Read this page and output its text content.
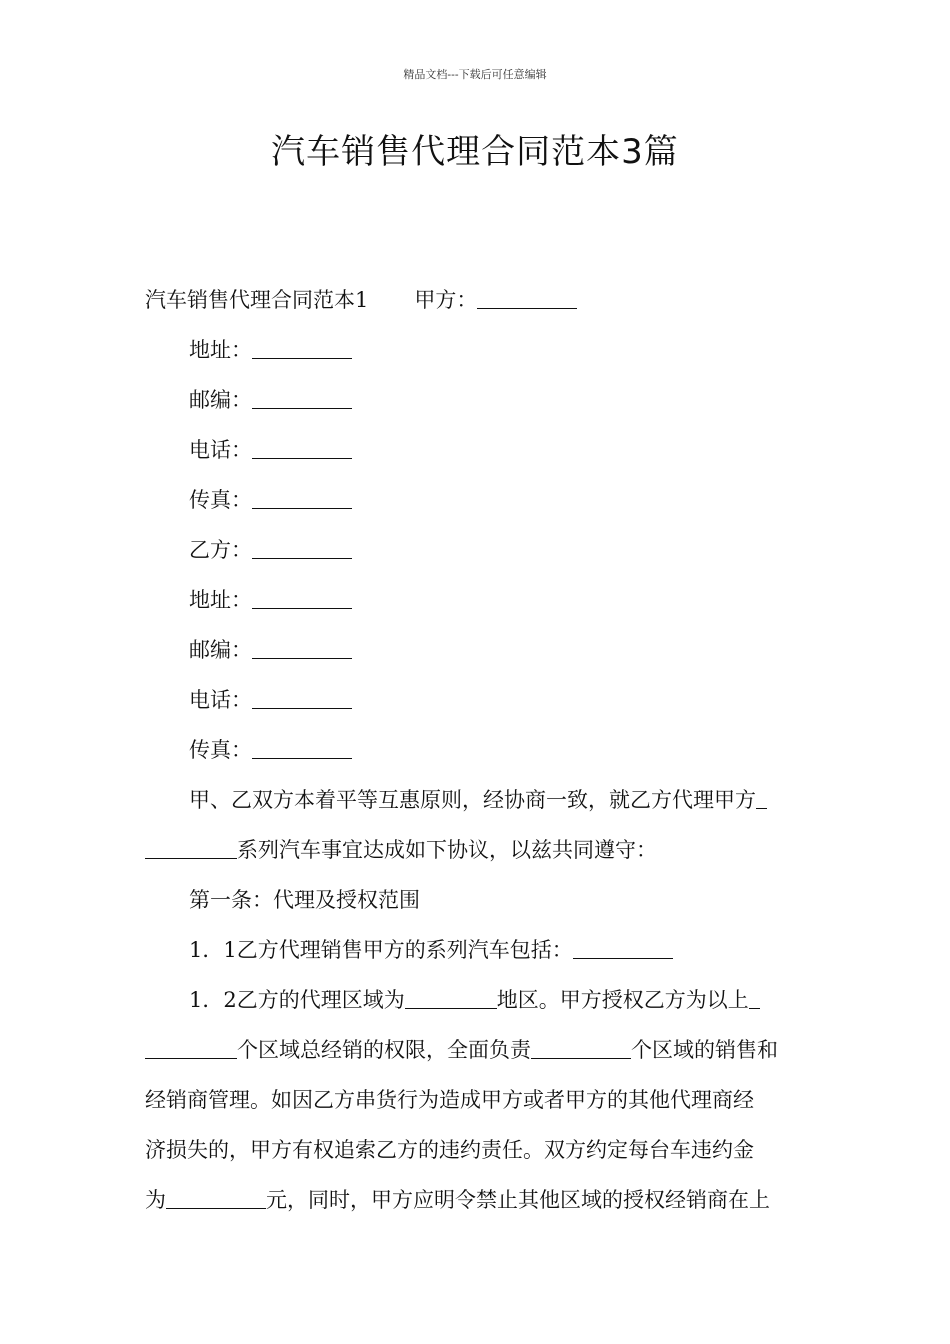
精品文档---下载后可任意编辑
汽车销售代理合同范本3篇
汽车销售代理合同范本1 甲方：
地址：
邮编：
电话：
传真：
乙方：
地址：
邮编：
电话：
传真：
甲、乙双方本着平等互惠原则，经协商一致，就乙方代理甲方
系列汽车事宜达成如下协议，以兹共同遵守：
第一条：代理及授权范围
1．1乙方代理销售甲方的系列汽车包括：
1．2乙方的代理区域为	地区。甲方授权乙方为以上
个区域总经销的权限，全面负责	个区域的销售和
经销商管理。如因乙方串货行为造成甲方或者甲方的其他代理商经
济损失的，甲方有权追索乙方的违约责任。双方约定每台车违约金
为	元，同时，甲方应明令禁止其他区域的授权经销商在上
